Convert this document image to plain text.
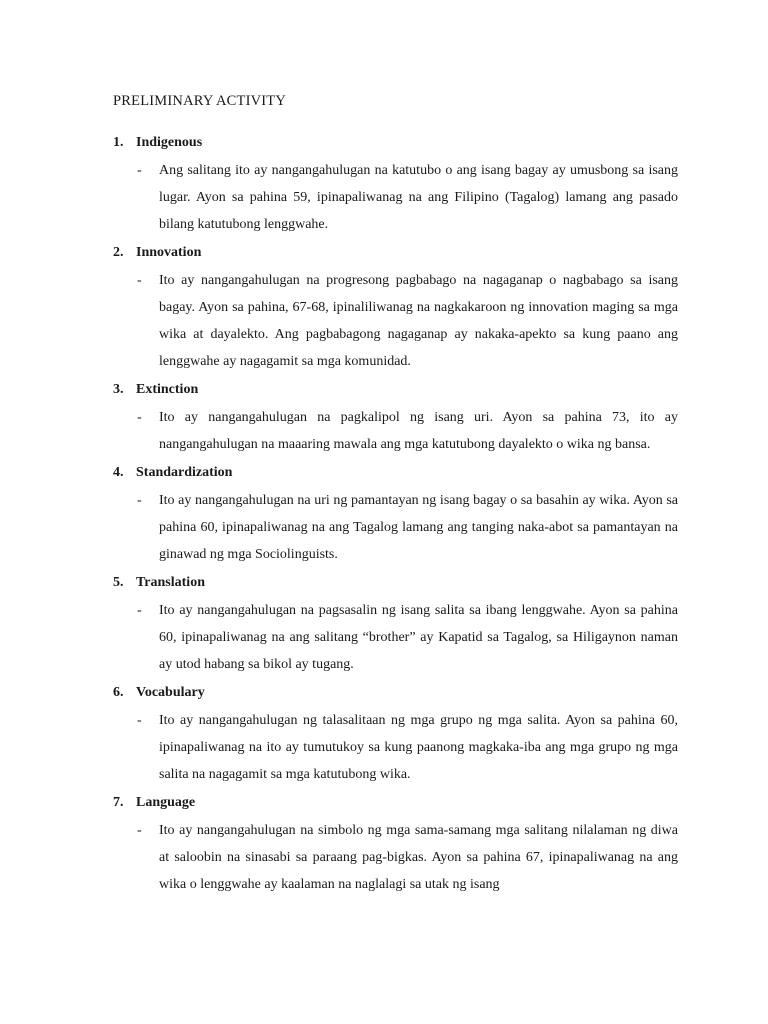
PRELIMINARY ACTIVITY
1. Indigenous
- Ang salitang ito ay nangangahulugan na katutubo o ang isang bagay ay umusbong sa isang lugar. Ayon sa pahina 59, ipinapaliwanag na ang Filipino (Tagalog) lamang ang pasado bilang katutubong lenggwahe.
2. Innovation
- Ito ay nangangahulugan na progresong pagbabago na nagaganap o nagbabago sa isang bagay. Ayon sa pahina, 67-68, ipinaliliwanag na nagkakaroon ng innovation maging sa mga wika at dayalekto. Ang pagbabagong nagaganap ay nakaka-apekto sa kung paano ang lenggwahe ay nagagamit sa mga komunidad.
3. Extinction
- Ito ay nangangahulugan na pagkalipol ng isang uri. Ayon sa pahina 73, ito ay nangangahulugan na maaaring mawala ang mga katutubong dayalekto o wika ng bansa.
4. Standardization
- Ito ay nangangahulugan na uri ng pamantayan ng isang bagay o sa basahin ay wika. Ayon sa pahina 60, ipinapaliwanag na ang Tagalog lamang ang tanging naka-abot sa pamantayan na ginawad ng mga Sociolinguists.
5. Translation
- Ito ay nangangahulugan na pagsasalin ng isang salita sa ibang lenggwahe. Ayon sa pahina 60, ipinapaliwanag na ang salitang “brother” ay Kapatid sa Tagalog, sa Hiligaynon naman ay utod habang sa bikol ay tugang.
6. Vocabulary
- Ito ay nangangahulugan ng talasalitaan ng mga grupo ng mga salita. Ayon sa pahina 60, ipinapaliwanag na ito ay tumutukoy sa kung paanong magkaka-iba ang mga grupo ng mga salita na nagagamit sa mga katutubong wika.
7. Language
- Ito ay nangangahulugan na simbolo ng mga sama-samang mga salitang nilalaman ng diwa at saloobin na sinasabi sa paraang pag-bigkas. Ayon sa pahina 67, ipinapaliwanag na ang wika o lenggwahe ay kaalaman na naglalagi sa utak ng isang
